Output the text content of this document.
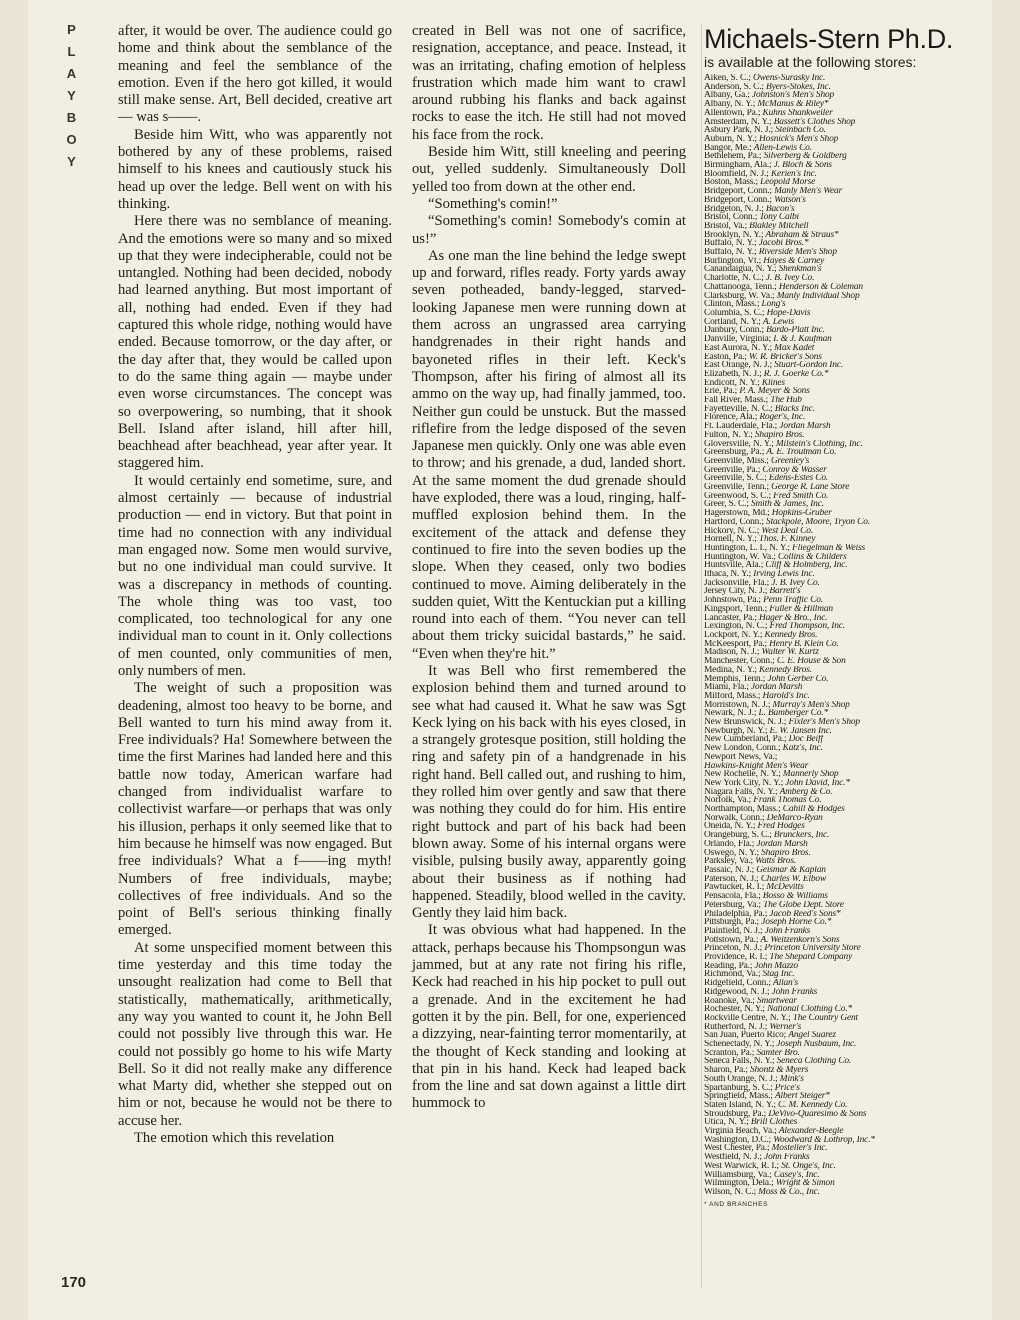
P
L
A
Y
B
O
Y

after, it would be over. The audience could go home and think about the semblance of the meaning and feel the semblance of the emotion. Even if the hero got killed, it would still make sense. Art, Bell decided, creative art — was s——.

Beside him Witt, who was apparently not bothered by any of these problems, raised himself to his knees and cautiously stuck his head up over the ledge. Bell went on with his thinking.

Here there was no semblance of meaning. And the emotions were so many and so mixed up that they were indecipherable, could not be untangled. Nothing had been decided, nobody had learned anything. But most important of all, nothing had ended. Even if they had captured this whole ridge, nothing would have ended. Because tomorrow, or the day after, or the day after that, they would be called upon to do the same thing again — maybe under even worse circumstances. The concept was so overpowering, so numbing, that it shook Bell. Island after island, hill after hill, beachhead after beachhead, year after year. It staggered him.

It would certainly end sometime, sure, and almost certainly — because of industrial production — end in victory. But that point in time had no connection with any individual man engaged now. Some men would survive, but no one individual man could survive. It was a discrepancy in methods of counting. The whole thing was too vast, too complicated, too technological for any one individual man to count in it. Only collections of men counted, only communities of men, only numbers of men.

The weight of such a proposition was deadening, almost too heavy to be borne, and Bell wanted to turn his mind away from it. Free individuals? Ha! Somewhere between the time the first Marines had landed here and this battle now today, American warfare had changed from individualist warfare to collectivist warfare—or perhaps that was only his illusion, perhaps it only seemed like that to him because he himself was now engaged. But free individuals? What a f——ing myth! Numbers of free individuals, maybe; collectives of free individuals. And so the point of Bell's serious thinking finally emerged.

At some unspecified moment between this time yesterday and this time today the unsought realization had come to Bell that statistically, mathematically, arithmetically, any way you wanted to count it, he John Bell could not possibly live through this war. He could not possibly go home to his wife Marty Bell. So it did not really make any difference what Marty did, whether she stepped out on him or not, because he would not be there to accuse her.

The emotion which this revelation

created in Bell was not one of sacrifice, resignation, acceptance, and peace. Instead, it was an irritating, chafing emotion of helpless frustration which made him want to crawl around rubbing his flanks and back against rocks to ease the itch. He still had not moved his face from the rock.

Beside him Witt, still kneeling and peering out, yelled suddenly. Simultaneously Doll yelled too from down at the other end.

“Something's comin!”

“Something's comin! Somebody's comin at us!”

As one man the line behind the ledge swept up and forward, rifles ready. Forty yards away seven potheaded, bandy-legged, starved-looking Japanese men were running down at them across an ungrassed area carrying handgrenades in their right hands and bayoneted rifles in their left. Keck's Thompson, after his firing of almost all its ammo on the way up, had finally jammed, too. Neither gun could be unstuck. But the massed riflefire from the ledge disposed of the seven Japanese men quickly. Only one was able even to throw; and his grenade, a dud, landed short. At the same moment the dud grenade should have exploded, there was a loud, ringing, half-muffled explosion behind them. In the excitement of the attack and defense they continued to fire into the seven bodies up the slope. When they ceased, only two bodies continued to move. Aiming deliberately in the sudden quiet, Witt the Kentuckian put a killing round into each of them. “You never can tell about them tricky suicidal bastards,” he said. “Even when they're hit.”

It was Bell who first remembered the explosion behind them and turned around to see what had caused it. What he saw was Sgt Keck lying on his back with his eyes closed, in a strangely grotesque position, still holding the ring and safety pin of a handgrenade in his right hand. Bell called out, and rushing to him, they rolled him over gently and saw that there was nothing they could do for him. His entire right buttock and part of his back had been blown away. Some of his internal organs were visible, pulsing busily away, apparently going about their business as if nothing had happened. Steadily, blood welled in the cavity. Gently they laid him back.

It was obvious what had happened. In the attack, perhaps because his Thompsongun was jammed, but at any rate not firing his rifle, Keck had reached in his hip pocket to pull out a grenade. And in the excitement he had gotten it by the pin. Bell, for one, experienced a dizzying, near-fainting terror momentarily, at the thought of Keck standing and looking at that pin in his hand. Keck had leaped back from the line and sat down against a little dirt hummock to

Michaels-Stern Ph.D.
is available at the following stores:
Aiken, S. C.; Owens-Surasky Inc.
Anderson, S. C.; Byers-Stokes, Inc.
Albany, Ga.; Johnston's Men's Shop
Albany, N. Y.; McManus & Riley*
Allentown, Pa.; Kuhns Shankweiler
Amsterdam, N. Y.; Bassett's Clothes Shop
Asbury Park, N. J.; Steinbach Co.
Auburn, N. Y.; Hosnick's Men's Shop
Bangor, Me.; Allen-Lewis Co.
Bethlehem, Pa.; Silverberg & Goldberg
Birmingham, Ala.; J. Bloch & Sons
Bloomfield, N. J.; Kerien's Inc.
Boston, Mass.; Leopold Morse
Bridgeport, Conn.; Manly Men's Wear
Bridgeport, Conn.; Watson's
Bridgeton, N. J.; Bacon's
Bristol, Conn.; Tony Calbi
Bristol, Va.; Blakley Mitchell
Brooklyn, N. Y.; Abraham & Straus*
Buffalo, N. Y.; Jacobi Bros.*
Buffalo, N. Y.; Riverside Men's Shop
Burlington, Vt.; Hayes & Carney
Canandaigua, N. Y.; Shenkman's
Charlotte, N. C.; J. B. Ivey Co.
Chattanooga, Tenn.; Henderson & Coleman
Clarksburg, W. Va.; Manly Individual Shop
Clinton, Mass.; Long's
Columbia, S. C.; Hope-Davis
Cortland, N. Y.; A. Lewis
Danbury, Conn.; Bardo-Platt Inc.
Danville, Virginia; I. & J. Kaufman
East Aurora, N. Y.; Max Kadet
Easton, Pa.; W. R. Bricker's Sons
East Orange, N. J.; Stuart-Gordon Inc.
Elizabeth, N. J.; R. J. Goerke Co.*
Endicott, N. Y.; Klines
Erie, Pa.; P. A. Meyer & Sons
Fall River, Mass.; The Hub
Fayetteville, N. C.; Blacks Inc.
Florence, Ala.; Roger's, Inc.
Ft. Lauderdale, Fla.; Jordan Marsh
Fulton, N. Y.; Shapiro Bros.
Gloversville, N. Y.; Milstein's Clothing, Inc.
Greensburg, Pa.; A. E. Troutman Co.
Greenville, Miss.; Greenley's
Greenville, Pa.; Conroy & Wasser
Greenville, S. C.; Edens-Estes Co.
Greenville, Tenn.; George R. Lane Store
Greenwood, S. C.; Fred Smith Co.
Greer, S. C.; Smith & James, Inc.
Hagerstown, Md.; Hopkins-Gruber
Hartford, Conn.; Stackpole, Moore, Tryon Co.
Hickory, N. C.; West Deal Co.
Hornell, N. Y.; Thos. F. Kinney
Huntington, L. I., N. Y.; Fliegelman & Weiss
Huntington, W. Va.; Collins & Childers
Huntsville, Ala.; Cliff & Holmberg, Inc.
Ithaca, N. Y.; Irving Lewis Inc.
Jacksonville, Fla.; J. B. Ivey Co.
Jersey City, N. J.; Barrett's
Johnstown, Pa.; Penn Traffic Co.
Kingsport, Tenn.; Fuller & Hillman
Lancaster, Pa.; Hager & Bro., Inc.
Lexington, N. C.; Fred Thompson, Inc.
Lockport, N. Y.; Kennedy Bros.
McKeesport, Pa.; Henry B. Klein Co.
Madison, N. J.; Walter W. Kurtz
Manchester, Conn.; C. E. House & Son
Medina, N. Y.; Kennedy Bros.
Memphis, Tenn.; John Gerber Co.
Miami, Fla.; Jordan Marsh
Milford, Mass.; Harold's Inc.
Morristown, N. J.; Murray's Men's Shop
Newark, N. J.; L. Bamberger Co.*
New Brunswick, N. J.; Fixler's Men's Shop
Newburgh, N. Y.; E. W. Jansen Inc.
New Cumberland, Pa.; Doc Beiff
New London, Conn.; Katz's, Inc.
Newport News, Va.;
Hawkins-Knight Men's Wear
New Rochelle, N. Y.; Mannerly Shop
New York City, N. Y.; John David, Inc.*
Niagara Falls, N. Y.; Amberg & Co.
Norfolk, Va.; Frank Thomas Co.
Northampton, Mass.; Cahill & Hodges
Norwalk, Conn.; DeMarco-Ryan
Oneida, N. Y.; Fred Hodges
Orangeburg, S. C.; Brunckers, Inc.
Orlando, Fla.; Jordan Marsh
Oswego, N. Y.; Shapiro Bros.
Parksley, Va.; Watts Bros.
Passaic, N. J.; Geismar & Kaplan
Paterson, N. J.; Charles W. Elbow
Pawtucket, R. I.; McDevitts
Pensacola, Fla.; Bosso & Williams
Petersburg, Va.; The Globe Dept. Store
Philadelphia, Pa.; Jacob Reed's Sons*
Pittsburgh, Pa.; Joseph Horne Co.*
Plainfield, N. J.; John Franks
Pottstown, Pa.; A. Weitzenkorn's Sons
Princeton, N. J.; Princeton University Store
Providence, R. I.; The Shepard Company
Reading, Pa.; John Mazzo
Richmond, Va.; Stag Inc.
Ridgefield, Conn.; Allan's
Ridgewood, N. J.; John Franks
Roanoke, Va.; Smartwear
Rochester, N. Y.; National Clothing Co.*
Rockville Centre, N. Y.; The Country Gent
Rutherford, N. J.; Werner's
San Juan, Puerto Rico; Angel Suarez
Schenectady, N. Y.; Joseph Nusbaum, Inc.
Scranton, Pa.; Samter Bro.
Seneca Falls, N. Y.; Seneca Clothing Co.
Sharon, Pa.; Shontz & Myers
South Orange, N. J.; Mink's
Spartanburg, S. C.; Price's
Springfield, Mass.; Albert Steiger*
Staten Island, N. Y.; C. M. Kennedy Co.
Stroudsburg, Pa.; DeVivo-Quaresimo & Sons
Utica, N. Y.; Brill Clothes
Virginia Beach, Va.; Alexander-Beegle
Washington, D.C.; Woodward & Lothrop, Inc.*
West Chester, Pa.; Mosteller's Inc.
Westfield, N. J.; John Franks
West Warwick, R. I.; St. Onge's, Inc.
Williamsburg, Va.; Casey's, Inc.
Wilmington, Dela.; Wright & Simon
Wilson, N. C.; Moss & Co., Inc.
* AND BRANCHES
170
